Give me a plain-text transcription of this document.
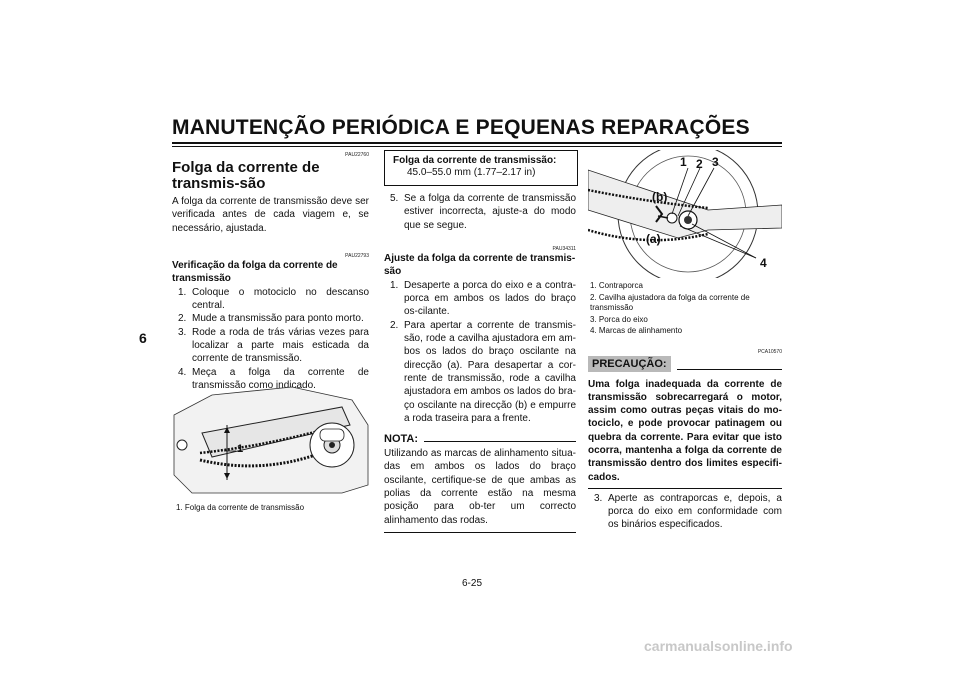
MANUTENÇÃO PERIÓDICA E PEQUENAS REPARAÇÕES
6
PAU22760
Folga da corrente de transmis-são
A folga da corrente de transmissão deve ser verificada antes de cada viagem e, se necessário, ajustada.
PAU22793
Verificação da folga da corrente de transmissão
1. Coloque o motociclo no descanso central.
2. Mude a transmissão para ponto morto.
3. Rode a roda de trás várias vezes para localizar a parte mais esticada da corrente de transmissão.
4. Meça a folga da corrente de transmissão como indicado.
1
1. Folga da corrente de transmissão
Folga da corrente de transmissão:
45.0–55.0 mm (1.77–2.17 in)
5. Se a folga da corrente de transmissão estiver incorrecta, ajuste-a do modo que se segue.
PAU34311
Ajuste da folga da corrente de transmis-são
1. Desaperte a porca do eixo e a contra-porca em ambos os lados do braço os-cilante.
2. Para apertar a corrente de transmis-são, rode a cavilha ajustadora em am-bos os lados do braço oscilante na direcção (a). Para desapertar a cor-rente de transmissão, rode a cavilha ajustadora em ambos os lados do bra-ço oscilante na direcção (b) e empurre a roda traseira para a frente.
NOTA:
Utilizando as marcas de alinhamento situa-das em ambos os lados do braço oscilante, certifique-se de que ambas as polias da corrente estão na mesma posição para ob-ter um correcto alinhamento das rodas.
1 2 3
4
(b)
(a)
1. Contraporca
2. Cavilha ajustadora da folga da corrente de transmissão
3. Porca do eixo
4. Marcas de alinhamento
PCA10570
PRECAUÇÃO:
Uma folga inadequada da corrente de transmissão sobrecarregará o motor, assim como outras peças vitais do mo-tociclo, e pode provocar patinagem ou quebra da corrente. Para evitar que isto ocorra, mantenha a folga da corrente de transmissão dentro dos limites especifi-cados.
3. Aperte as contraporcas e, depois, a porca do eixo em conformidade com os binários especificados.
6-25
carmanualsonline.info
